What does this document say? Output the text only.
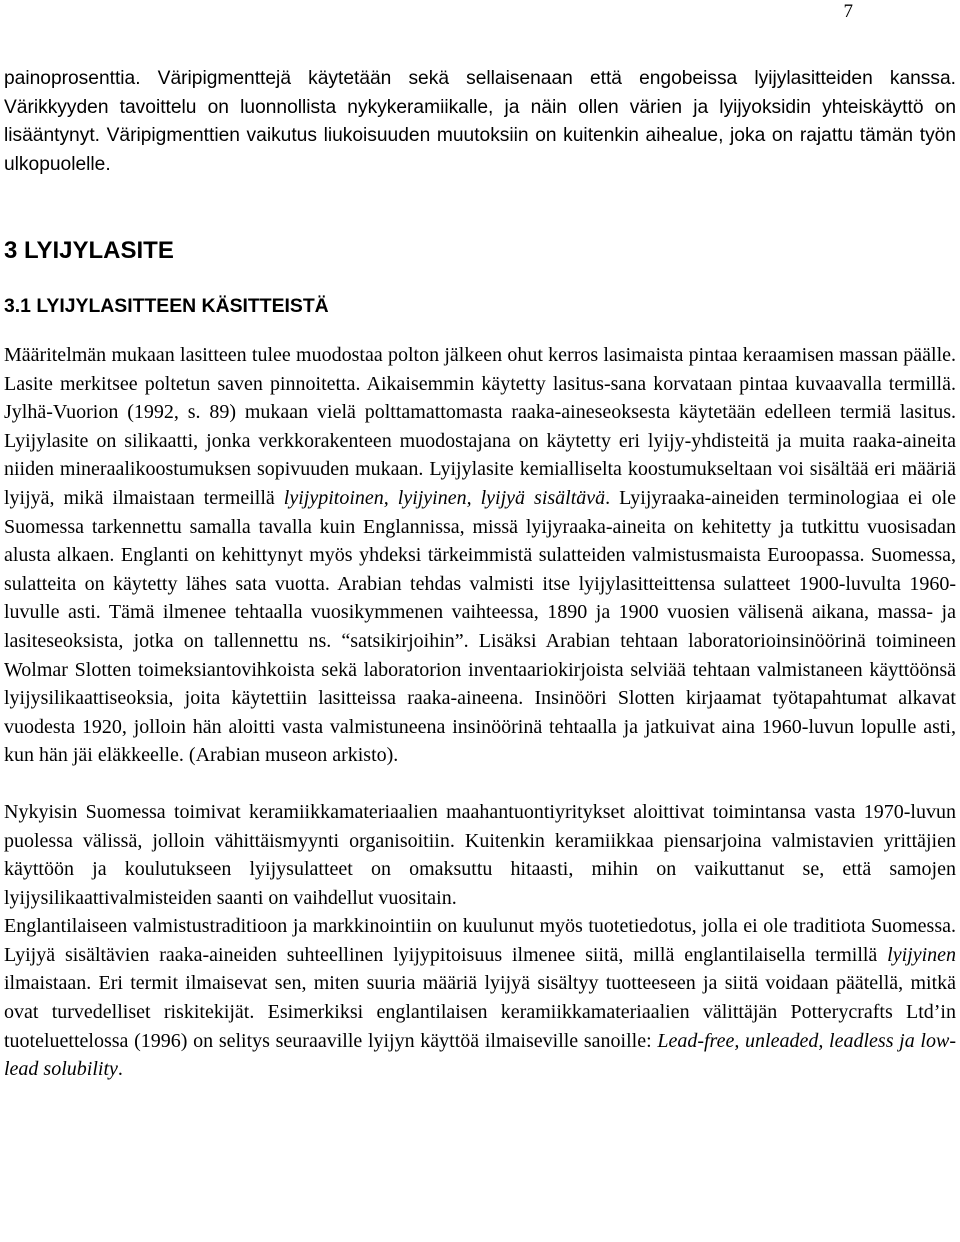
7

painoprosenttia. Väripigmenttejä käytetään sekä sellaisenaan että engobeissa lyijylasitteiden kanssa. Värikkyyden tavoittelu on luonnollista nykykeramiikalle, ja näin ollen värien ja lyijyoksidin yhteiskäyttö on lisääntynyt. Väripigmenttien vaikutus liukoisuuden muutoksiin on kuitenkin aihealue, joka on rajattu tämän työn ulkopuolelle.

3 LYIJYLASITE
3.1 LYIJYLASITTEEN KÄSITTEISTÄ

Määritelmän mukaan lasitteen tulee muodostaa polton jälkeen ohut kerros lasimaista pintaa keraamisen massan päälle. Lasite merkitsee poltetun saven pinnoitetta. Aikaisemmin käytetty lasitus-sana korvataan pintaa kuvaavalla termillä. Jylhä-Vuorion (1992, s. 89) mukaan vielä polttamattomasta raaka-aineseoksesta käytetään edelleen termiä lasitus. Lyijylasite on silikaatti, jonka verkkorakenteen muodostajana on käytetty eri lyijy-yhdisteitä ja muita raaka-aineita niiden mineraalikoostumuksen sopivuuden mukaan. Lyijylasite kemialliselta koostumukseltaan voi sisältää eri määriä lyijyä, mikä ilmaistaan termeillä lyijypitoinen, lyijyinen, lyijyä sisältävä. Lyijyraaka-aineiden terminologiaa ei ole Suomessa tarkennettu samalla tavalla kuin Englannissa, missä lyijyraaka-aineita on kehitetty ja tutkittu vuosisadan alusta alkaen. Englanti on kehittynyt myös yhdeksi tärkeimmistä sulatteiden valmistusmaista Euroopassa. Suomessa, sulatteita on käytetty lähes sata vuotta. Arabian tehdas valmisti itse lyijylasitteittensa sulatteet 1900-luvulta 1960-luvulle asti. Tämä ilmenee tehtaalla vuosikymmenen vaihteessa, 1890 ja 1900 vuosien välisenä aikana, massa- ja lasiteseoksista, jotka on tallennettu ns. “satsikirjoihin”. Lisäksi Arabian tehtaan laboratorioinsinöörinä toimineen Wolmar Slotten toimeksiantovihkoista sekä laboratorion inventaariokirjoista selviää tehtaan valmistaneen käyttöönsä lyijysilikaattiseoksia, joita käytettiin lasitteissa raaka-aineena. Insinööri Slotten kirjaamat työtapahtumat alkavat vuodesta 1920, jolloin hän aloitti vasta valmistuneena insinöörinä tehtaalla ja jatkuivat aina 1960-luvun lopulle asti, kun hän jäi eläkkeelle. (Arabian museon arkisto).

Nykyisin Suomessa toimivat keramiikkamateriaalien maahantuontiyritykset aloittivat toimintansa vasta 1970-luvun puolessa välissä, jolloin vähittäismyynti organisoitiin. Kuitenkin keramiikkaa piensarjoina valmistavien yrittäjien käyttöön ja koulutukseen lyijysulatteet on omaksuttu hitaasti, mihin on vaikuttanut se, että samojen lyijysilikaattivalmisteiden saanti on vaihdellut vuositain.

Englantilaiseen valmistustraditioon ja markkinointiin on kuulunut myös tuotetiedotus, jolla ei ole traditiota Suomessa. Lyijyä sisältävien raaka-aineiden suhteellinen lyijypitoisuus ilmenee siitä, millä englantilaisella termillä lyijyinen ilmaistaan. Eri termit ilmaisevat sen, miten suuria määriä lyijyä sisältyy tuotteeseen ja siitä voidaan päätellä, mitkä ovat turvedelliset riskitekijät. Esimerkiksi englantilaisen keramiikkamateriaalien välittäjän Potterycrafts Ltd’in tuoteluettelossa (1996) on selitys seuraaville lyijyn käyttöä ilmaiseville sanoille: Lead-free, unleaded, leadless ja low-lead solubility.
